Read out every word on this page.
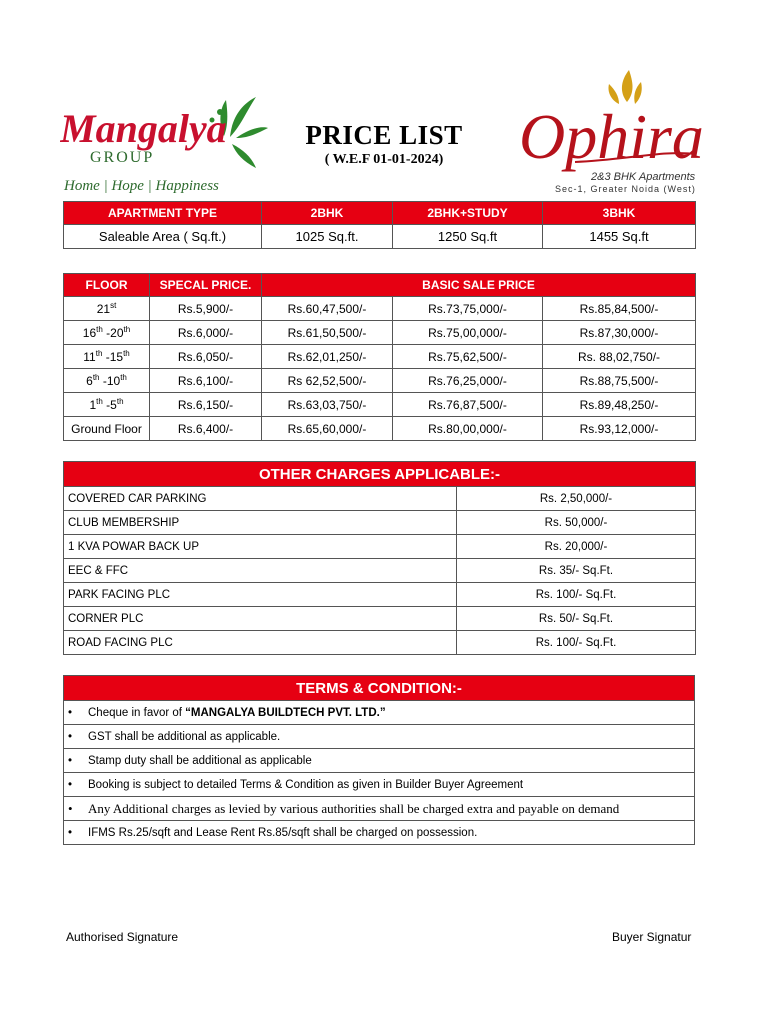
Mangalya
GROUP
Home | Hope | Happiness
PRICE LIST
( W.E.F 01-01-2024)	Ophira
2&3 BHK Apartments
Sec-1, Greater Noida (West)
APARTMENT TYPE	2BHK	2BHK+STUDY	3BHK
Saleable Area ( Sq.ft.)	1025 Sq.ft.	1250 Sq.ft	1455 Sq.ft
FLOOR	SPECAL PRICE.	BASIC SALE PRICE		
21st	Rs.5,900/-	Rs.60,47,500/-	Rs.73,75,000/-	Rs.85,84,500/-
16th -20th	Rs.6,000/-	Rs.61,50,500/-	Rs.75,00,000/-	Rs.87,30,000/-
11th -15th	Rs.6,050/-	Rs.62,01,250/-	Rs.75,62,500/-	Rs. 88,02,750/-
6th -10th	Rs.6,100/-	Rs 62,52,500/-	Rs.76,25,000/-	Rs.88,75,500/-
1th -5th	Rs.6,150/-	Rs.63,03,750/-	Rs.76,87,500/-	Rs.89,48,250/-
Ground Floor	Rs.6,400/-	Rs.65,60,000/-	Rs.80,00,000/-	Rs.93,12,000/-
OTHER CHARGES APPLICABLE:-	
COVERED CAR PARKING	Rs. 2,50,000/-
CLUB MEMBERSHIP	Rs. 50,000/-
1 KVA POWAR BACK UP	Rs. 20,000/-
EEC & FFC	Rs. 35/- Sq.Ft.
PARK FACING PLC	Rs. 100/- Sq.Ft.
CORNER PLC	Rs. 50/- Sq.Ft.
ROAD FACING PLC	Rs. 100/- Sq.Ft.
TERMS & CONDITION:-
• Cheque in favor of “MANGALYA BUILDTECH PVT. LTD.”
• GST shall be additional as applicable.
• Stamp duty shall be additional as applicable
• Booking is subject to detailed Terms & Condition as given in Builder Buyer Agreement
• Any Additional charges as levied by various authorities shall be charged extra and payable on demand
• IFMS Rs.25/sqft and Lease Rent Rs.85/sqft shall be charged on possession.
Authorised Signature	Buyer Signatur
